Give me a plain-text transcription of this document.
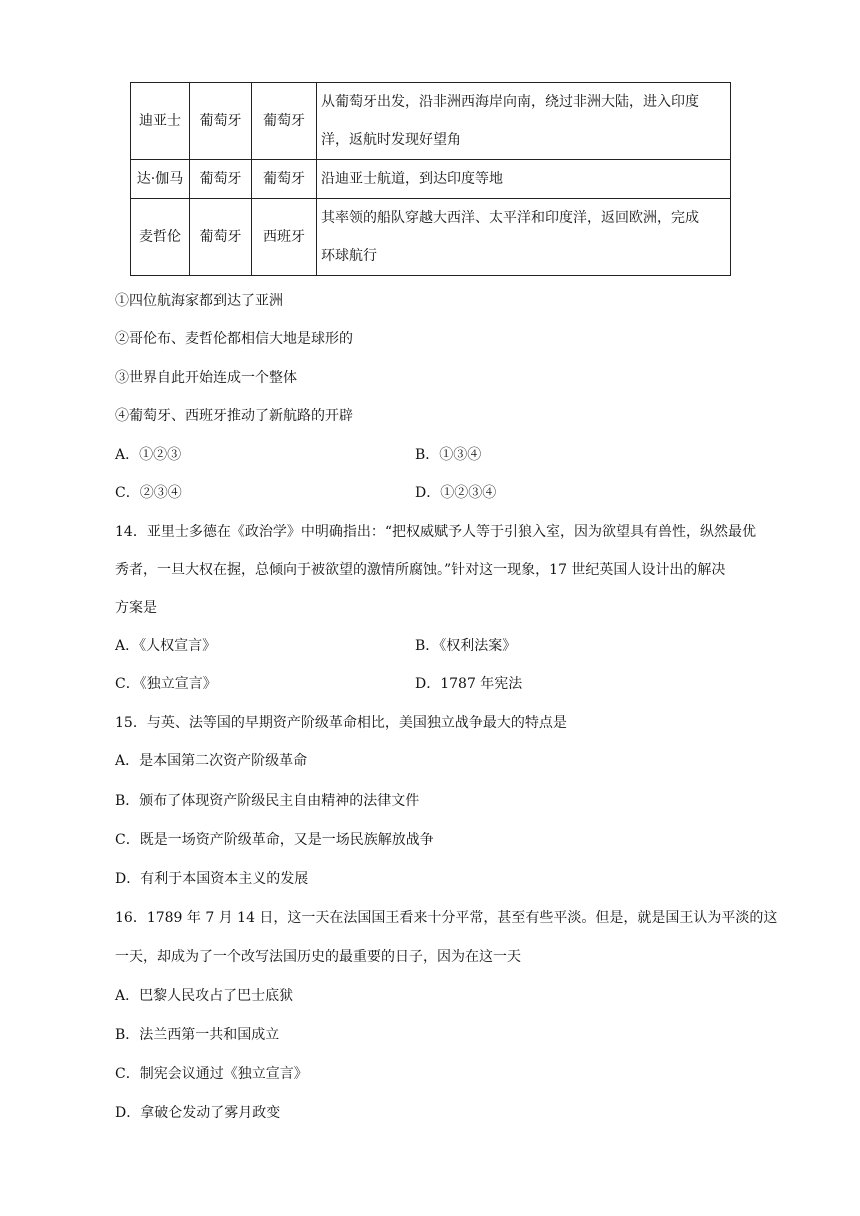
迪亚士	葡萄牙	葡萄牙	从葡萄牙出发，沿非洲西海岸向南，绕过非洲大陆，进入印度
洋，返航时发现好望角

达·伽马	葡萄牙	葡萄牙	沿迪亚士航道，到达印度等地

麦哲伦	葡萄牙	西班牙	其率领的船队穿越大西洋、太平洋和印度洋，返回欧洲，完成
环球航行
①四位航海家都到达了亚洲
②哥伦布、麦哲伦都相信大地是球形的
③世界自此开始连成一个整体
④葡萄牙、西班牙推动了新航路的开辟
A．①②③	B．①③④
C．②③④	D．①②③④
14．亚里士多德在《政治学》中明确指出：“把权威赋予人等于引狼入室，因为欲望具有兽性，纵然最优
秀者，一旦大权在握，总倾向于被欲望的激情所腐蚀。”针对这一现象，17 世纪英国人设计出的解决
方案是
A．《人权宣言》	B．《权利法案》
C．《独立宣言》	D．1787 年宪法
15．与英、法等国的早期资产阶级革命相比，美国独立战争最大的特点是
A．是本国第二次资产阶级革命
B．颁布了体现资产阶级民主自由精神的法律文件
C．既是一场资产阶级革命，又是一场民族解放战争
D．有利于本国资本主义的发展
16．1789 年 7 月 14 日，这一天在法国国王看来十分平常，甚至有些平淡。但是，就是国王认为平淡的这
一天，却成为了一个改写法国历史的最重要的日子，因为在这一天
A．巴黎人民攻占了巴士底狱
B．法兰西第一共和国成立
C．制宪会议通过《独立宣言》
D．拿破仑发动了雾月政变
